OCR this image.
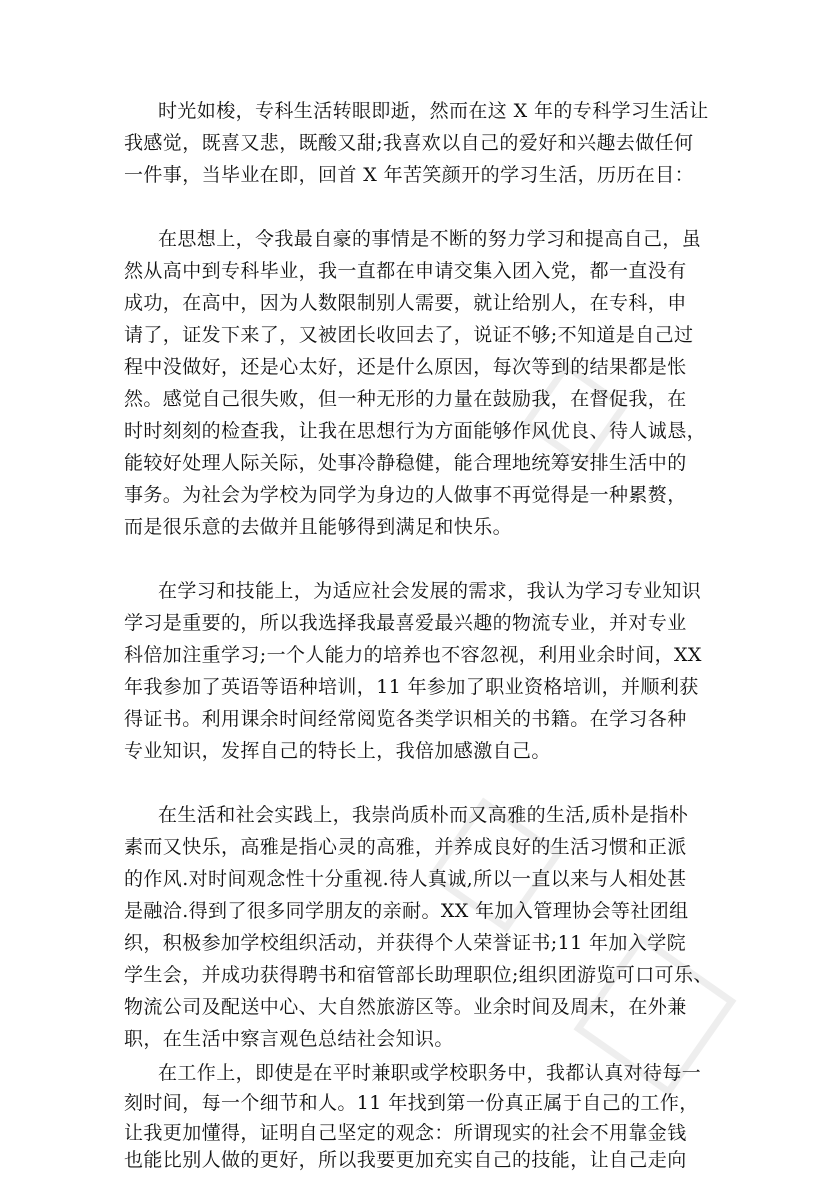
时光如梭，专科生活转眼即逝，然而在这 X 年的专科学习生活让
我感觉，既喜又悲，既酸又甜;我喜欢以自己的爱好和兴趣去做任何
一件事，当毕业在即，回首 X 年苦笑颜开的学习生活，历历在目：
在思想上，令我最自豪的事情是不断的努力学习和提高自己，虽
然从高中到专科毕业，我一直都在申请交集入团入党，都一直没有
成功，在高中，因为人数限制别人需要，就让给别人，在专科，申
请了，证发下来了，又被团长收回去了，说证不够;不知道是自己过
程中没做好，还是心太好，还是什么原因，每次等到的结果都是怅
然。感觉自己很失败，但一种无形的力量在鼓励我，在督促我，在
时时刻刻的检查我，让我在思想行为方面能够作风优良、待人诚恳，
能较好处理人际关际，处事冷静稳健，能合理地统筹安排生活中的
事务。为社会为学校为同学为身边的人做事不再觉得是一种累赘，
而是很乐意的去做并且能够得到满足和快乐。
在学习和技能上，为适应社会发展的需求，我认为学习专业知识
学习是重要的，所以我选择我最喜爱最兴趣的物流专业，并对专业
科倍加注重学习;一个人能力的培养也不容忽视，利用业余时间，XX
年我参加了英语等语种培训，11 年参加了职业资格培训，并顺利获
得证书。利用课余时间经常阅览各类学识相关的书籍。在学习各种
专业知识，发挥自己的特长上，我倍加感激自己。
在生活和社会实践上，我崇尚质朴而又高雅的生活,质朴是指朴
素而又快乐，高雅是指心灵的高雅，并养成良好的生活习惯和正派
的作风.对时间观念性十分重视.待人真诚,所以一直以来与人相处甚
是融洽.得到了很多同学朋友的亲耐。XX 年加入管理协会等社团组
织，积极参加学校组织活动，并获得个人荣誉证书;11 年加入学院
学生会，并成功获得聘书和宿管部长助理职位;组织团游览可口可乐、
物流公司及配送中心、大自然旅游区等。业余时间及周末，在外兼
职，在生活中察言观色总结社会知识。
在工作上，即使是在平时兼职或学校职务中，我都认真对待每一
刻时间，每一个细节和人。11 年找到第一份真正属于自己的工作，
让我更加懂得，证明自己坚定的观念：所谓现实的社会不用靠金钱
也能比别人做的更好，所以我要更加充实自己的技能，让自己走向
